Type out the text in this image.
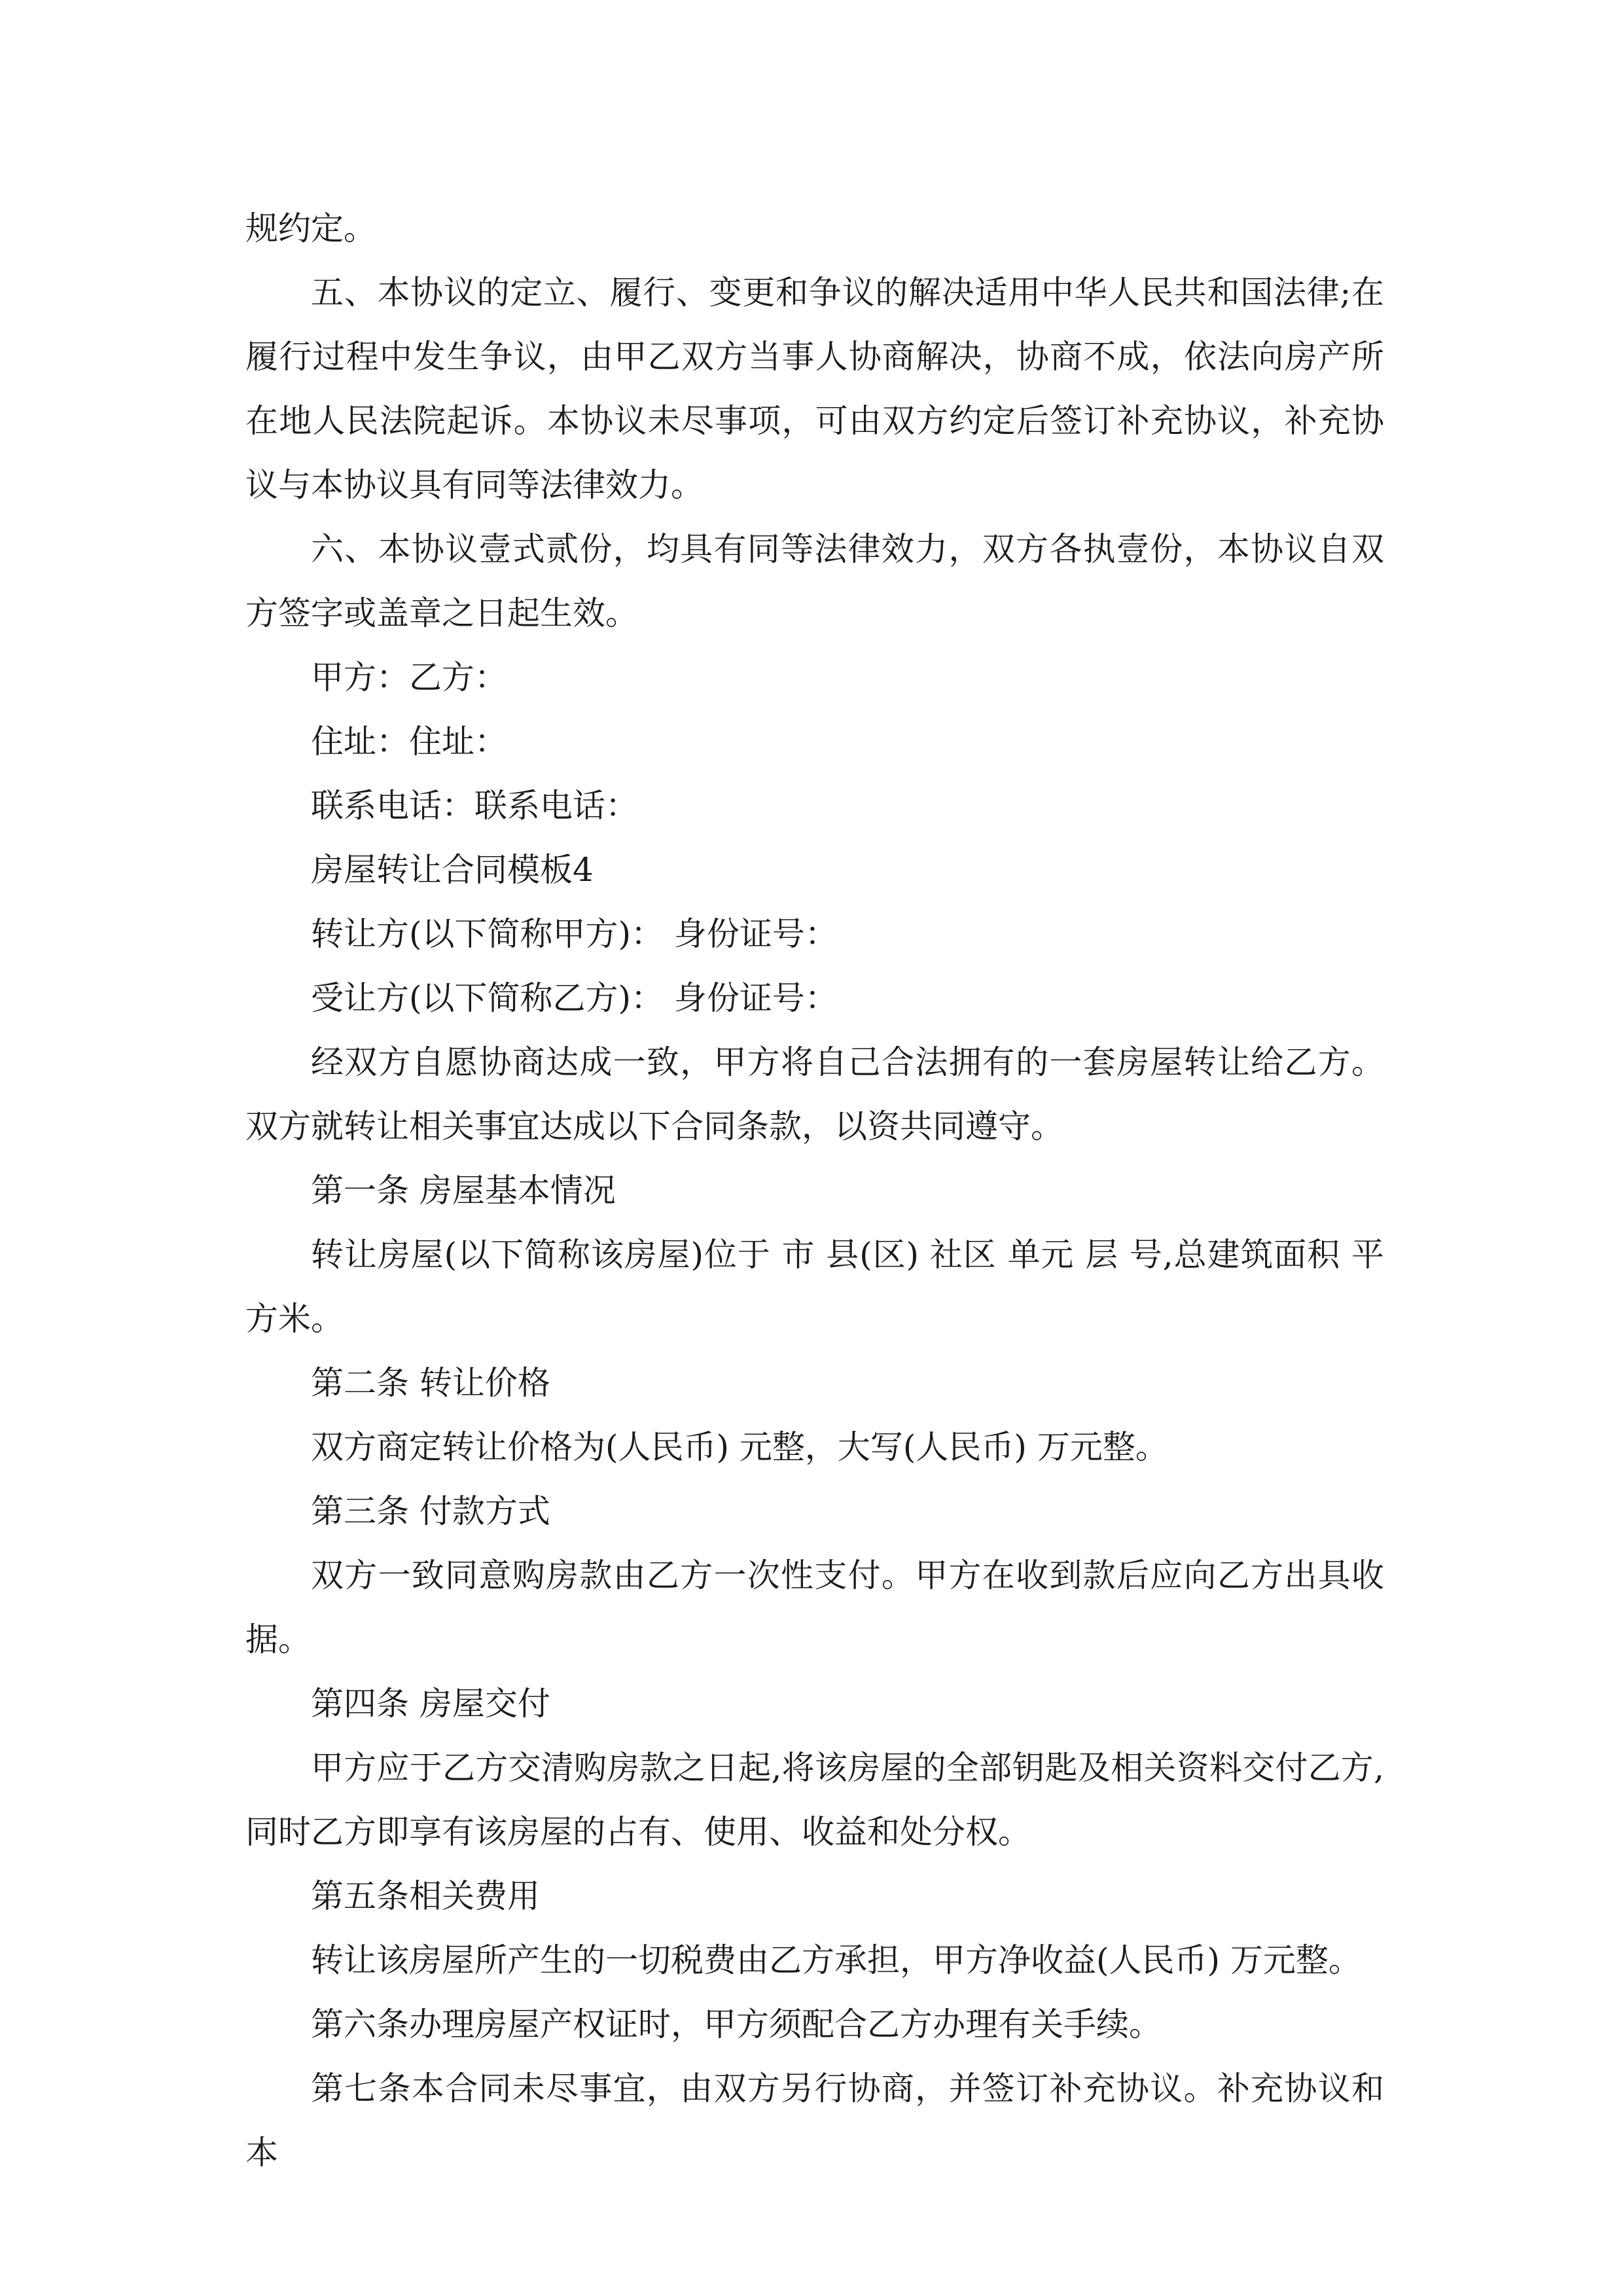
规约定。

五、本协议的定立、履行、变更和争议的解决适用中华人民共和国法律;在履行过程中发生争议，由甲乙双方当事人协商解决，协商不成，依法向房产所在地人民法院起诉。本协议未尽事项，可由双方约定后签订补充协议，补充协议与本协议具有同等法律效力。

六、本协议壹式贰份，均具有同等法律效力，双方各执壹份，本协议自双方签字或盖章之日起生效。

甲方：乙方：

住址：住址：

联系电话：联系电话：

房屋转让合同模板4

转让方(以下简称甲方)： 身份证号：

受让方(以下简称乙方)： 身份证号：

经双方自愿协商达成一致，甲方将自己合法拥有的一套房屋转让给乙方。双方就转让相关事宜达成以下合同条款，以资共同遵守。

第一条 房屋基本情况

转让房屋(以下简称该房屋)位于 市 县(区) 社区 单元 层 号,总建筑面积 平方米。

第二条 转让价格

双方商定转让价格为(人民币) 元整，大写(人民币) 万元整。

第三条 付款方式

双方一致同意购房款由乙方一次性支付。甲方在收到款后应向乙方出具收据。

第四条 房屋交付

甲方应于乙方交清购房款之日起,将该房屋的全部钥匙及相关资料交付乙方,同时乙方即享有该房屋的占有、使用、收益和处分权。

第五条相关费用

转让该房屋所产生的一切税费由乙方承担，甲方净收益(人民币) 万元整。

第六条办理房屋产权证时，甲方须配合乙方办理有关手续。

第七条本合同未尽事宜，由双方另行协商，并签订补充协议。补充协议和本
